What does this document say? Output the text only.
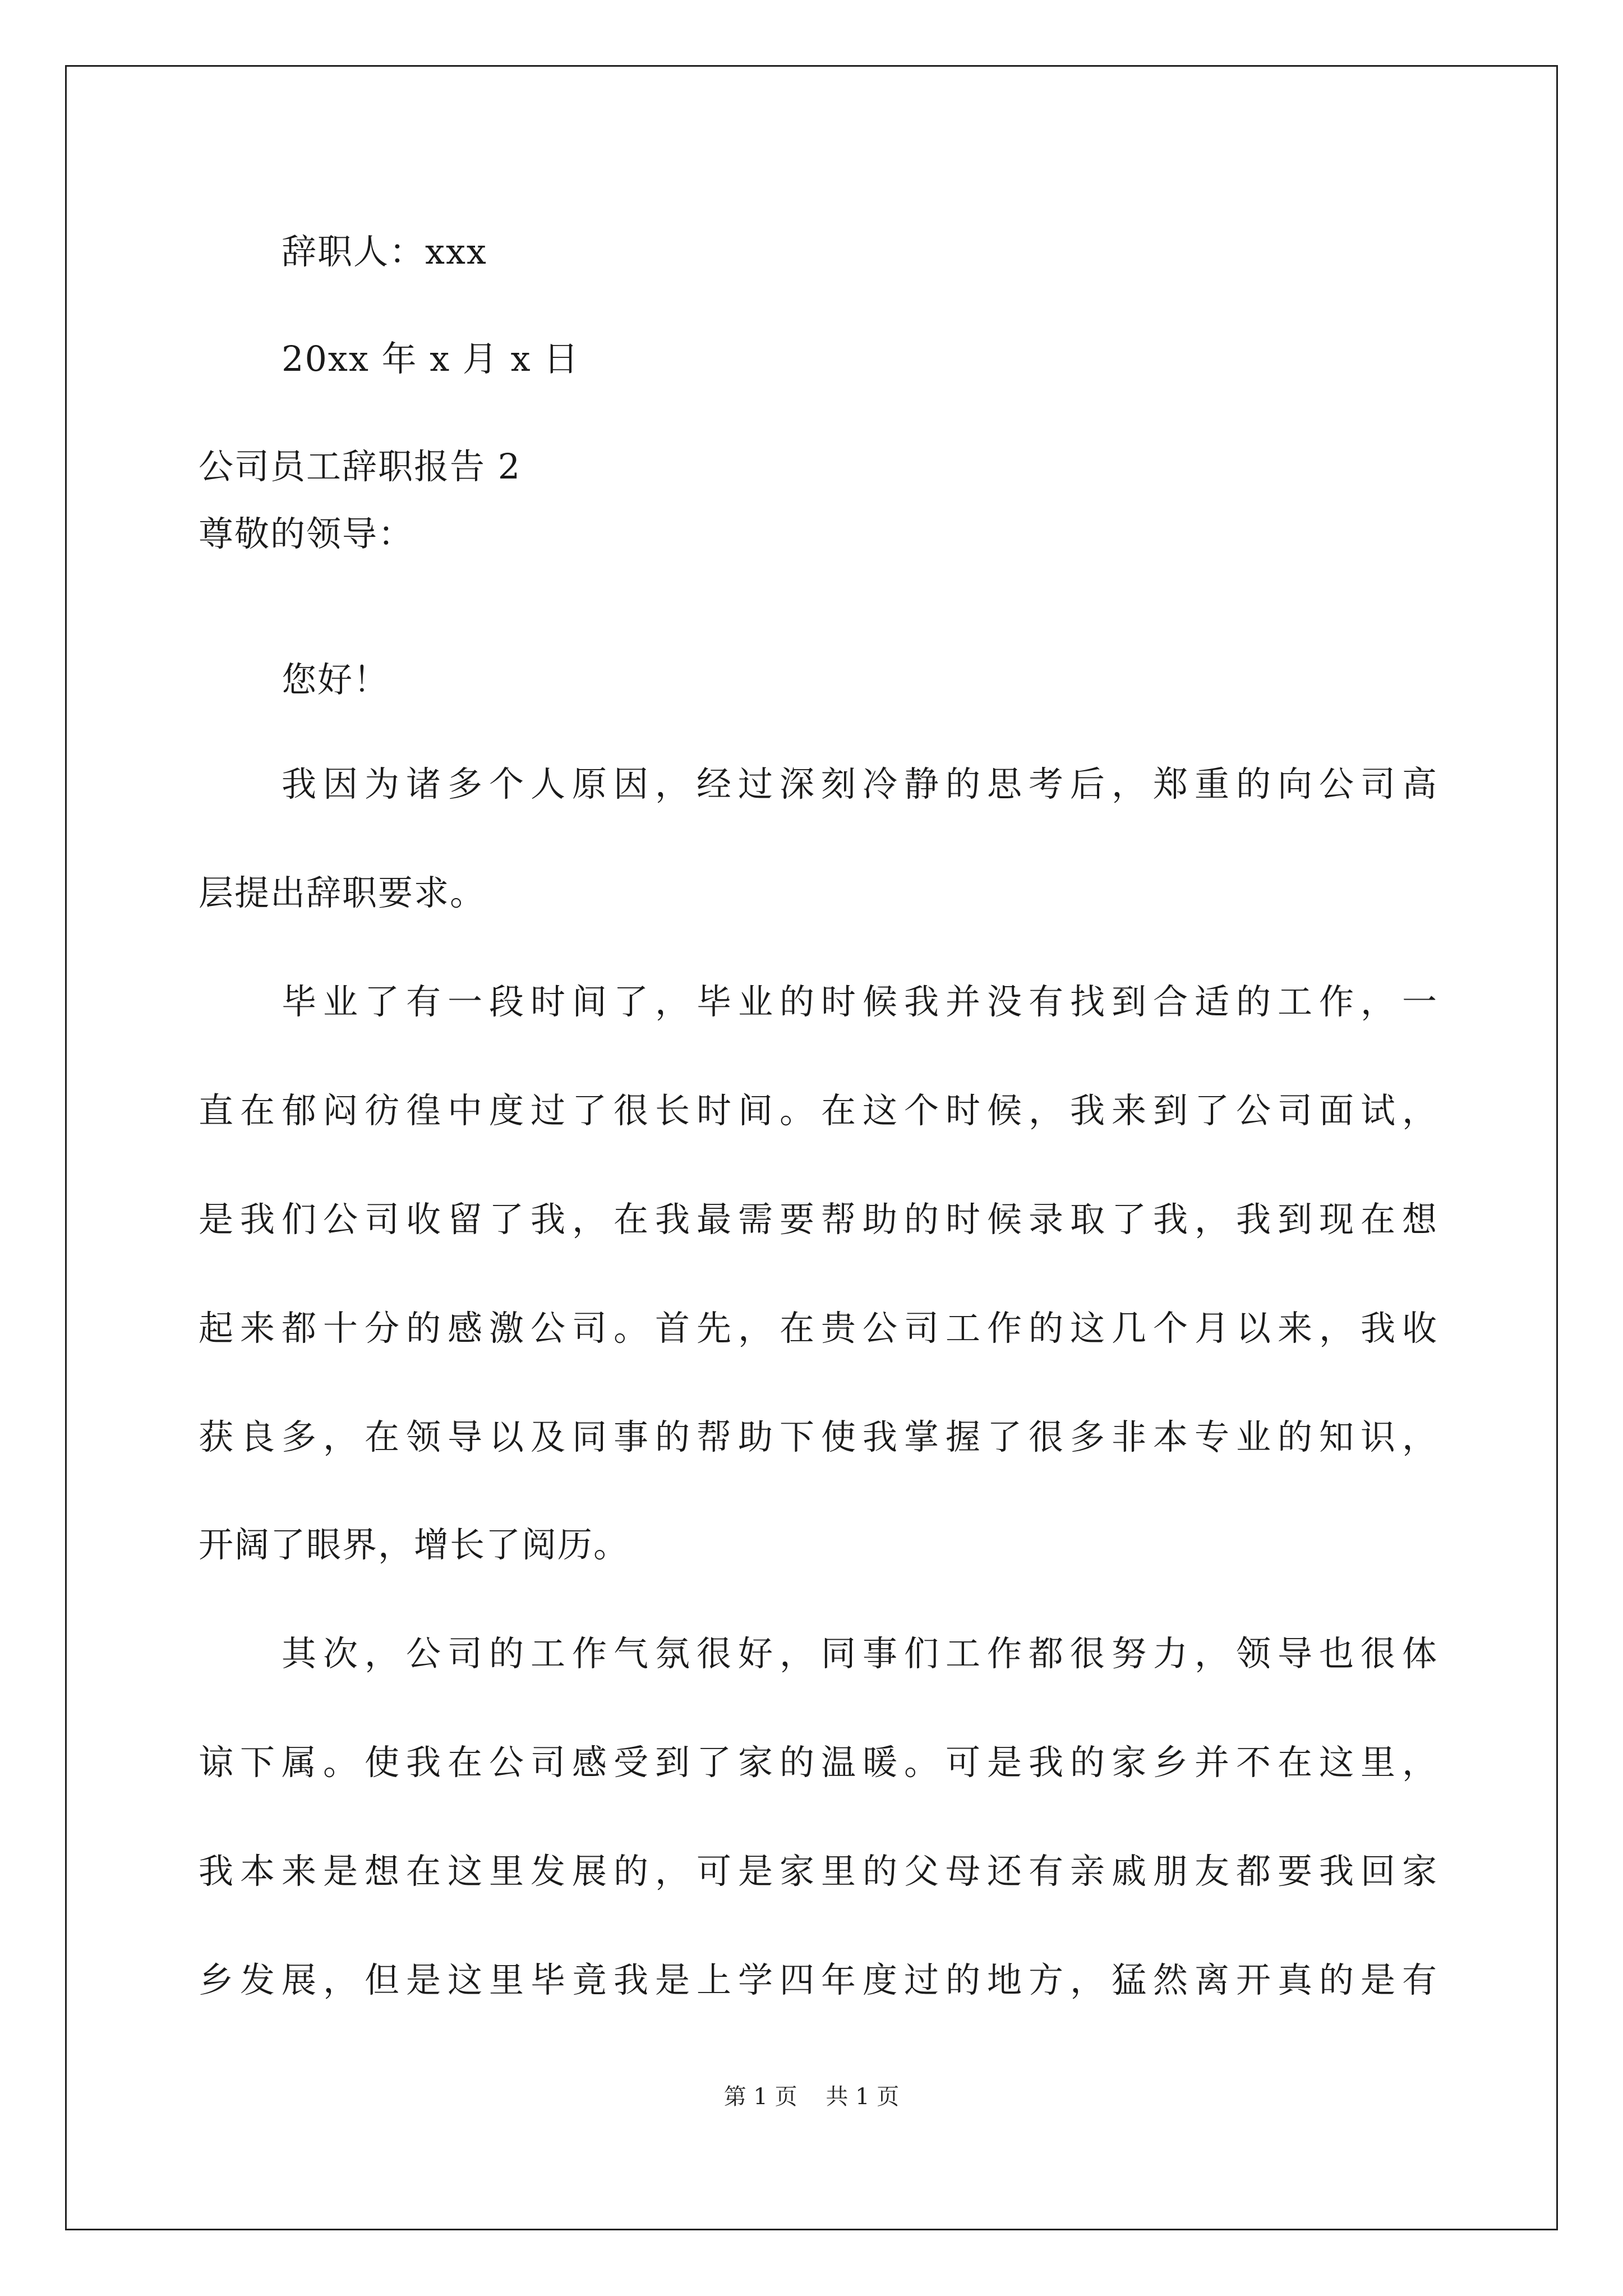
辞职人：xxx
20xx 年 x 月 x 日
公司员工辞职报告 2
尊敬的领导：
您好！
我因为诸多个人原因，经过深刻冷静的思考后，郑重的向公司高
层提出辞职要求。
毕业了有一段时间了，毕业的时候我并没有找到合适的工作，一
直在郁闷彷徨中度过了很长时间。在这个时候，我来到了公司面试，
是我们公司收留了我，在我最需要帮助的时候录取了我，我到现在想
起来都十分的感激公司。首先，在贵公司工作的这几个月以来，我收
获良多，在领导以及同事的帮助下使我掌握了很多非本专业的知识，
开阔了眼界，增长了阅历。
其次，公司的工作气氛很好，同事们工作都很努力，领导也很体
谅下属。使我在公司感受到了家的温暖。可是我的家乡并不在这里，
我本来是想在这里发展的，可是家里的父母还有亲戚朋友都要我回家
乡发展，但是这里毕竟我是上学四年度过的地方，猛然离开真的是有
第 1 页    共 1 页
